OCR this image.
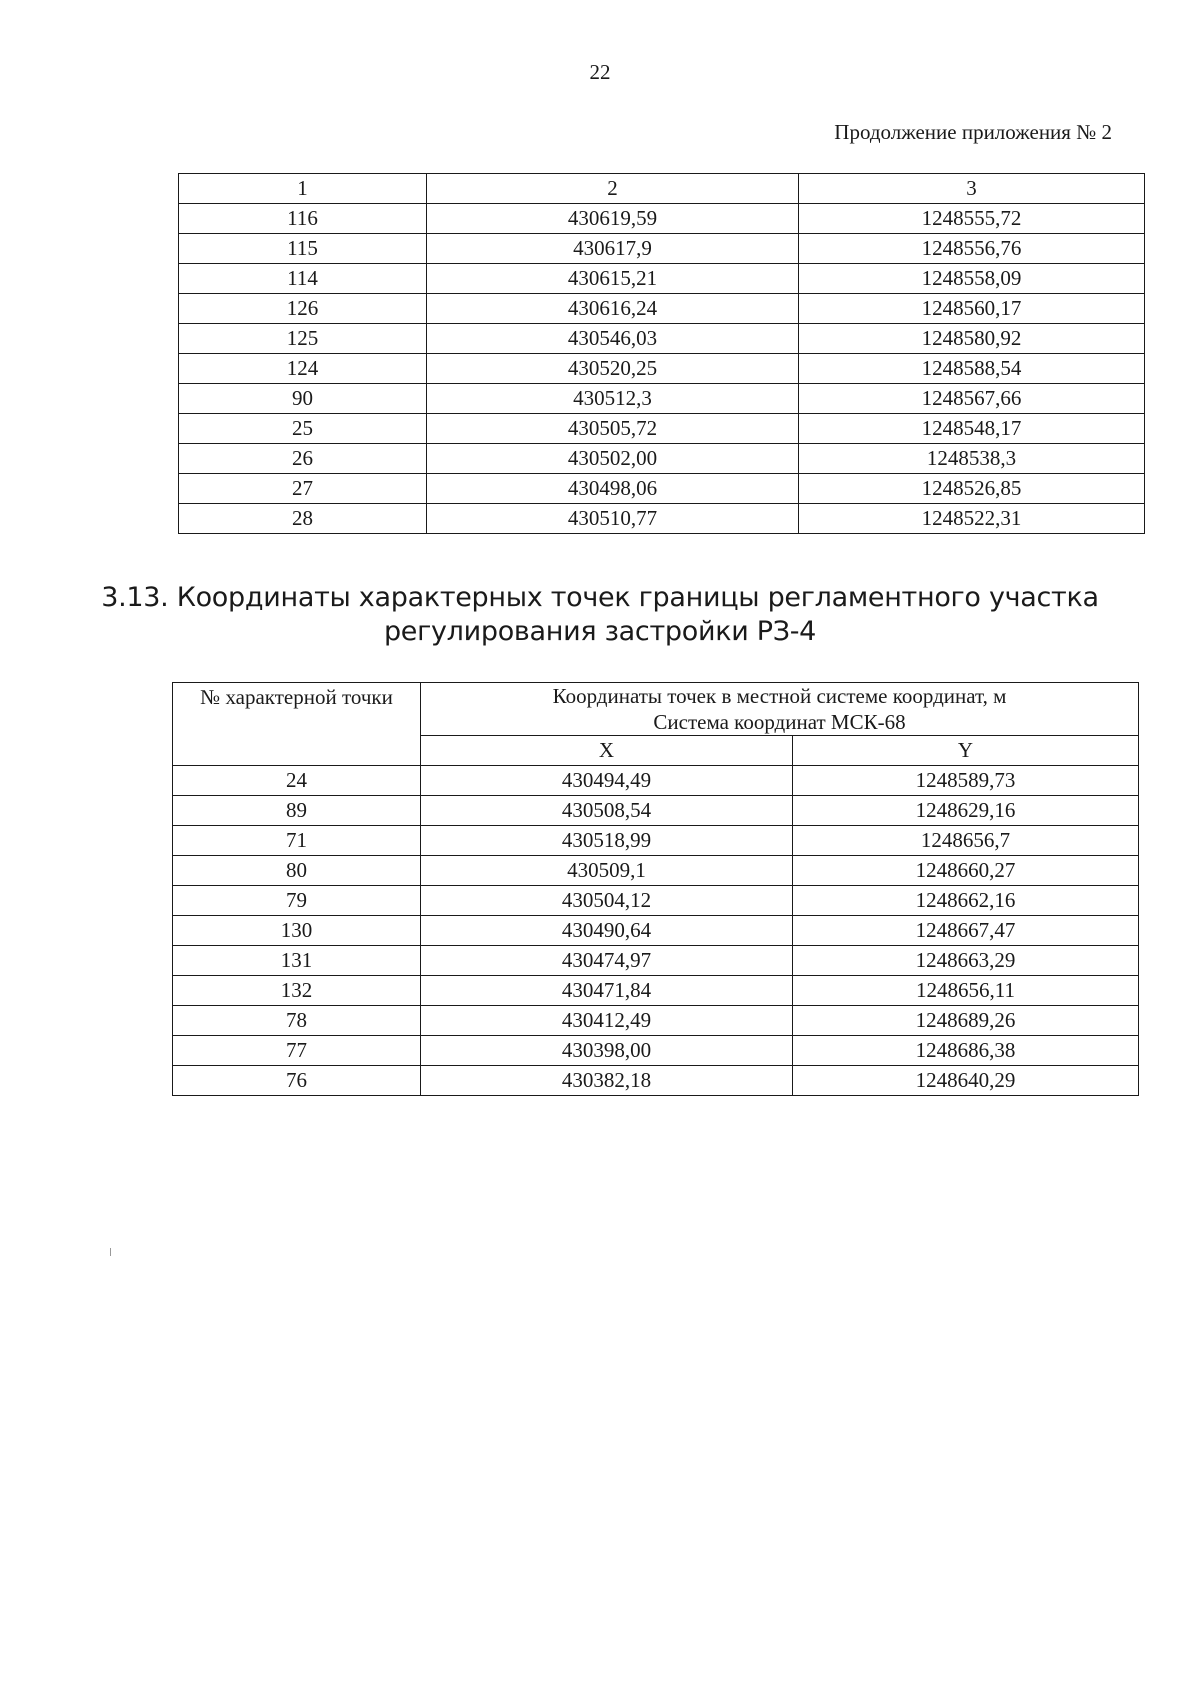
22
Продолжение приложения № 2
1	2	3
116	430619,59	1248555,72
115	430617,9	1248556,76
114	430615,21	1248558,09
126	430616,24	1248560,17
125	430546,03	1248580,92
124	430520,25	1248588,54
90	430512,3	1248567,66
25	430505,72	1248548,17
26	430502,00	1248538,3
27	430498,06	1248526,85
28	430510,77	1248522,31
3.13. Координаты характерных точек границы регламентного участка
регулирования застройки РЗ-4
№ характерной точки	Координаты точек в местной системе координат, м
Система координат МСК-68	

	X	Y
24	430494,49	1248589,73
89	430508,54	1248629,16
71	430518,99	1248656,7
80	430509,1	1248660,27
79	430504,12	1248662,16
130	430490,64	1248667,47
131	430474,97	1248663,29
132	430471,84	1248656,11
78	430412,49	1248689,26
77	430398,00	1248686,38
76	430382,18	1248640,29
